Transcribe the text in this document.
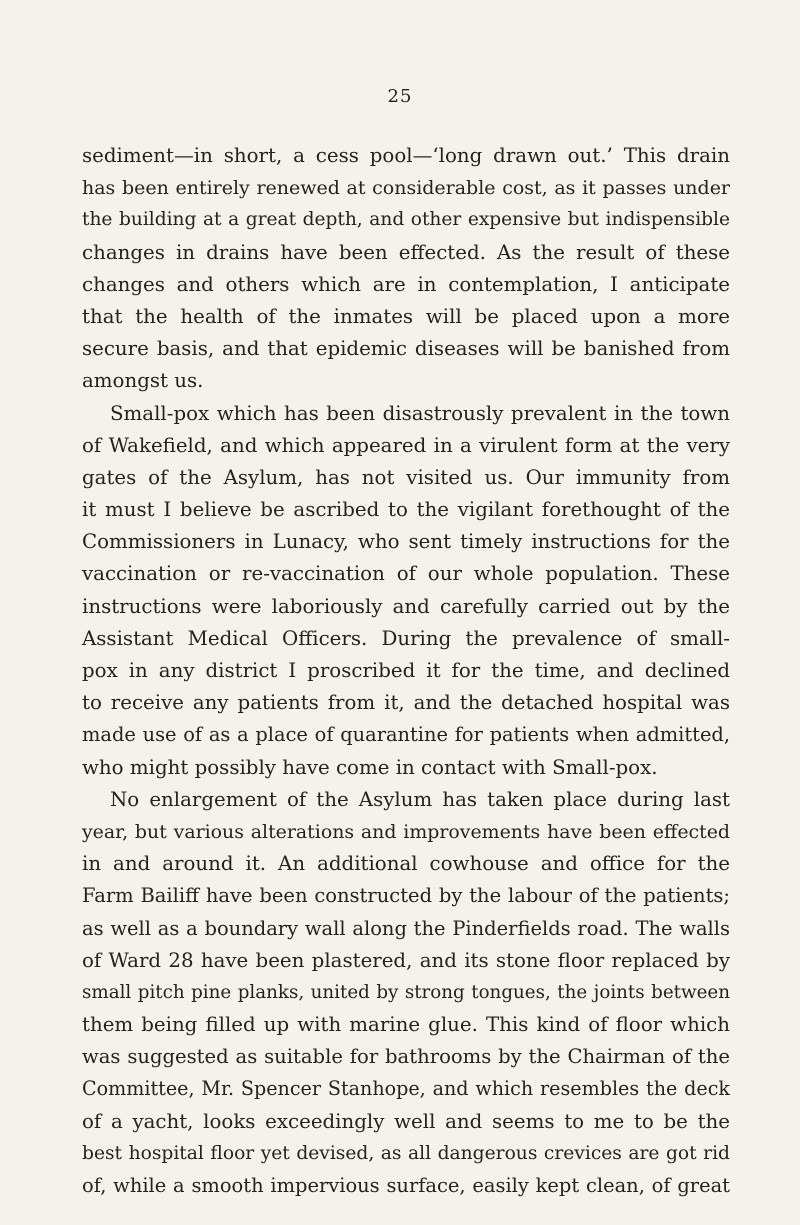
25
sediment—in short, a cess pool—‘long drawn out.’ This drain
has been entirely renewed at considerable cost, as it passes under
the building at a great depth, and other expensive but indispensible
changes in drains have been effected. As the result of these
changes and others which are in contemplation, I anticipate
that the health of the inmates will be placed upon a more
secure basis, and that epidemic diseases will be banished from
amongst us.
Small-pox which has been disastrously prevalent in the town
of Wakefield, and which appeared in a virulent form at the very
gates of the Asylum, has not visited us. Our immunity from
it must I believe be ascribed to the vigilant forethought of the
Commissioners in Lunacy, who sent timely instructions for the
vaccination or re-vaccination of our whole population. These
instructions were laboriously and carefully carried out by the
Assistant Medical Officers. During the prevalence of small-
pox in any district I proscribed it for the time, and declined
to receive any patients from it, and the detached hospital was
made use of as a place of quarantine for patients when admitted,
who might possibly have come in contact with Small-pox.
No enlargement of the Asylum has taken place during last
year, but various alterations and improvements have been effected
in and around it. An additional cowhouse and office for the
Farm Bailiff have been constructed by the labour of the patients;
as well as a boundary wall along the Pinderfields road. The walls
of Ward 28 have been plastered, and its stone floor replaced by
small pitch pine planks, united by strong tongues, the joints between
them being filled up with marine glue. This kind of floor which
was suggested as suitable for bathrooms by the Chairman of the
Committee, Mr. Spencer Stanhope, and which resembles the deck
of a yacht, looks exceedingly well and seems to me to be the
best hospital floor yet devised, as all dangerous crevices are got rid
of, while a smooth impervious surface, easily kept clean, of great
